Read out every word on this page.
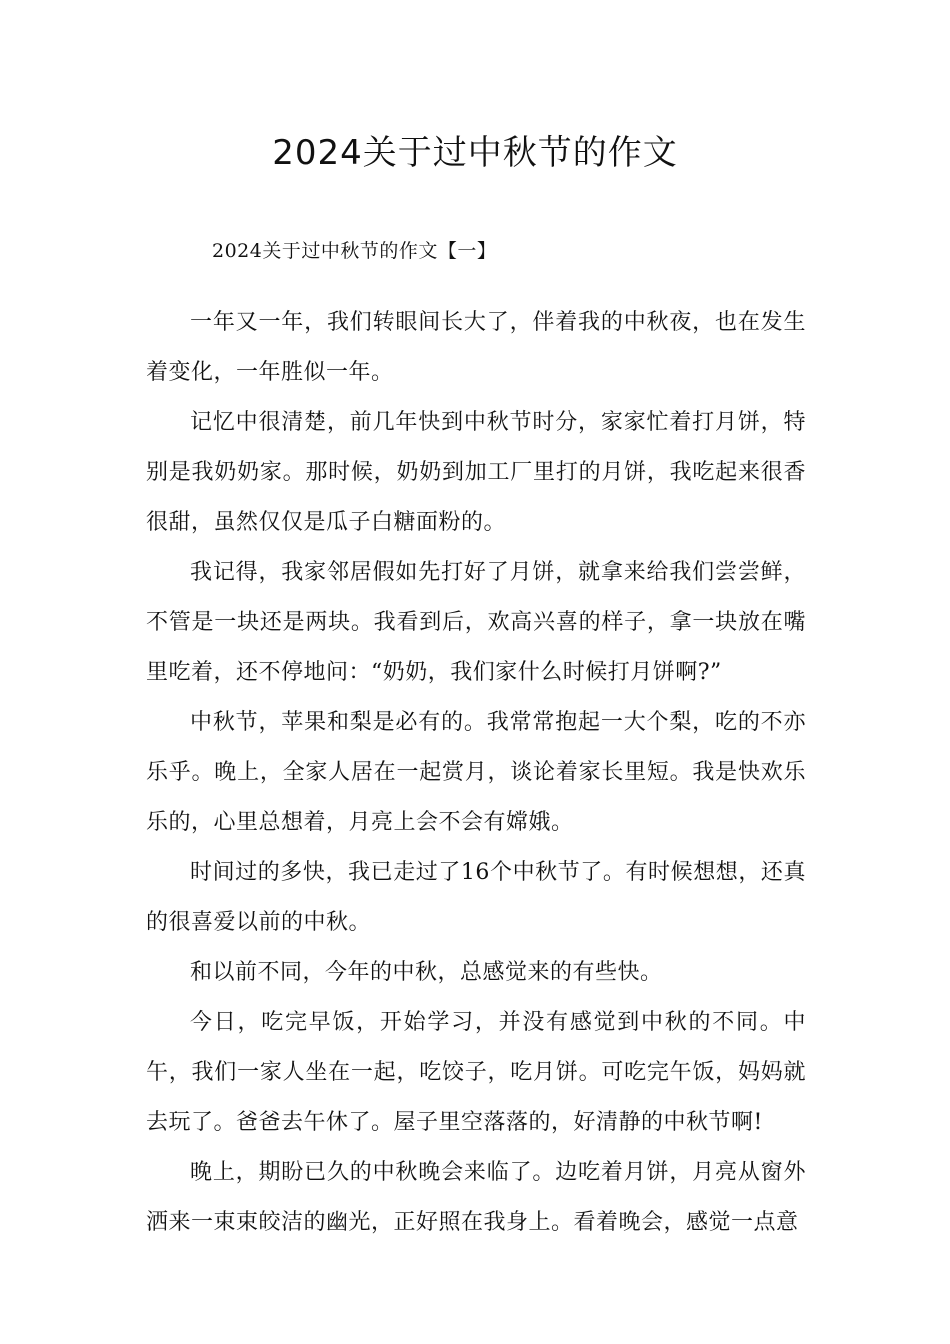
2024关于过中秋节的作文

2024关于过中秋节的作文【一】

一年又一年，我们转眼间长大了，伴着我的中秋夜，也在发生着变化，一年胜似一年。

记忆中很清楚，前几年快到中秋节时分，家家忙着打月饼，特别是我奶奶家。那时候，奶奶到加工厂里打的月饼，我吃起来很香很甜，虽然仅仅是瓜子白糖面粉的。

我记得，我家邻居假如先打好了月饼，就拿来给我们尝尝鲜，不管是一块还是两块。我看到后，欢高兴喜的样子，拿一块放在嘴里吃着，还不停地问：“奶奶，我们家什么时候打月饼啊?”

中秋节，苹果和梨是必有的。我常常抱起一大个梨，吃的不亦乐乎。晚上，全家人居在一起赏月，谈论着家长里短。我是快欢乐乐的，心里总想着，月亮上会不会有嫦娥。

时间过的多快，我已走过了16个中秋节了。有时候想想，还真的很喜爱以前的中秋。

和以前不同，今年的中秋，总感觉来的有些快。

今日，吃完早饭，开始学习，并没有感觉到中秋的不同。中午，我们一家人坐在一起，吃饺子，吃月饼。可吃完午饭，妈妈就去玩了。爸爸去午休了。屋子里空落落的，好清静的中秋节啊!

晚上，期盼已久的中秋晚会来临了。边吃着月饼，月亮从窗外洒来一束束皎洁的幽光，正好照在我身上。看着晚会，感觉一点意
